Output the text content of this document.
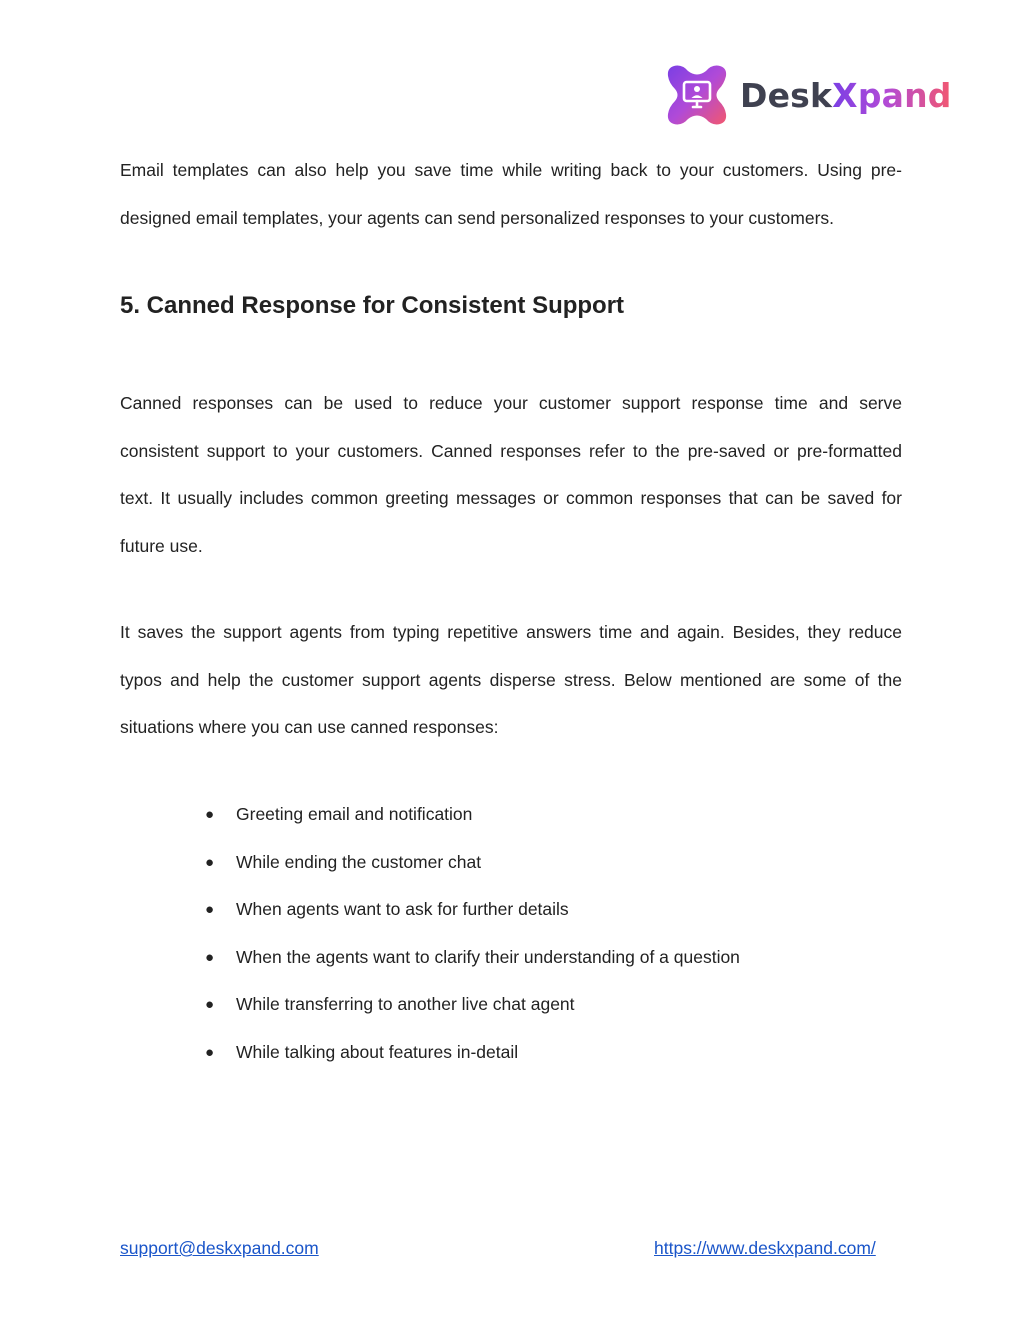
DeskXpand

Email templates can also help you save time while writing back to your customers. Using pre-designed email templates, your agents can send personalized responses to your customers.

5. Canned Response for Consistent Support

Canned responses can be used to reduce your customer support response time and serve consistent support to your customers. Canned responses refer to the pre-saved or pre-formatted text. It usually includes common greeting messages or common responses that can be saved for future use.

It saves the support agents from typing repetitive answers time and again. Besides, they reduce typos and help the customer support agents disperse stress. Below mentioned are some of the situations where you can use canned responses:

●	Greeting email and notification
●	While ending the customer chat
●	When agents want to ask for further details
●	When the agents want to clarify their understanding of a question
●	While transferring to another live chat agent
●	While talking about features in-detail
support@deskxpand.com	https://www.deskxpand.com/
